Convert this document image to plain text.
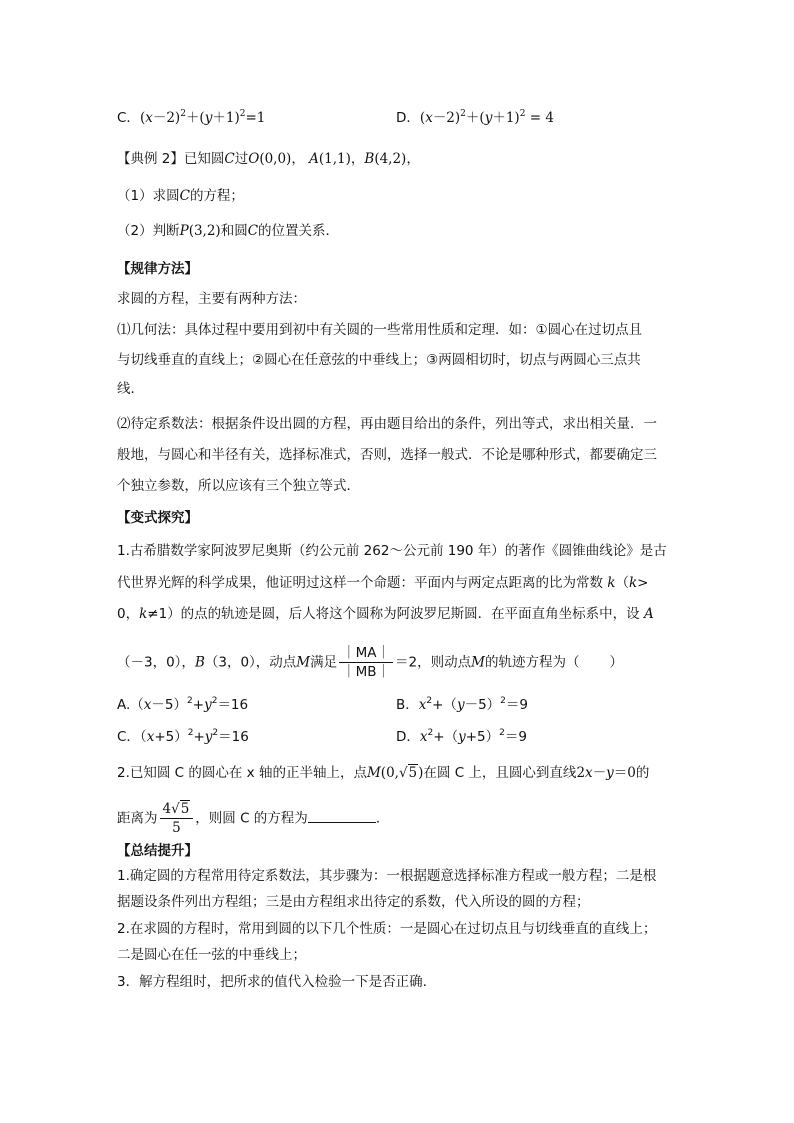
C．$(x-2)^2+(y+1)^2=1$	D．$(x-2)^2+(y+1)^2 = 4$
【典例 2】已知圆C过O(0,0)， A(1,1)，B(4,2)，
（1）求圆C的方程；
（2）判断P(3,2)和圆C的位置关系．
【规律方法】
求圆的方程，主要有两种方法：
⑴几何法：具体过程中要用到初中有关圆的一些常用性质和定理．如：①圆心在过切点且
与切线垂直的直线上；②圆心在任意弦的中垂线上；③两圆相切时，切点与两圆心三点共
线．
⑵待定系数法：根据条件设出圆的方程，再由题目给出的条件，列出等式，求出相关量．一
般地，与圆心和半径有关，选择标准式，否则，选择一般式．不论是哪种形式，都要确定三
个独立参数，所以应该有三个独立等式．
【变式探究】
1.古希腊数学家阿波罗尼奥斯（约公元前 262～公元前 190 年）的著作《圆锥曲线论》是古
代世界光辉的科学成果，他证明过这样一个命题：平面内与两定点距离的比为常数 k（k>
0，k≠1）的点的轨迹是圆，后人将这个圆称为阿波罗尼斯圆．在平面直角坐标系中，设 A
（－3，0），B（3，0），动点M满足 $\frac{|MA|}{|MB|} =2$，则动点M的轨迹方程为（ ）
$A.(x-5)^2+y^2=16$	B．$x^2+(y-5)^2=9$
C．$(x+5)^2+y^2=16$	D．$x^2+(y+5)^2=9$
2.已知圆 C 的圆心在 x 轴的正半轴上，点M(0,√5)在圆 C 上，且圆心到直线2x－y＝0的
距离为 $\frac{4√5}{5}$ ，则圆 C 的方程为	.
【总结提升】
1.确定圆的方程常用待定系数法，其步骤为：一根据题意选择标准方程或一般方程；二是根
据题设条件列出方程组；三是由方程组求出待定的系数，代入所设的圆的方程；
2.在求圆的方程时，常用到圆的以下几个性质：一是圆心在过切点且与切线垂直的直线上；
二是圆心在任一弦的中垂线上；
3．解方程组时，把所求的值代入检验一下是否正确.
